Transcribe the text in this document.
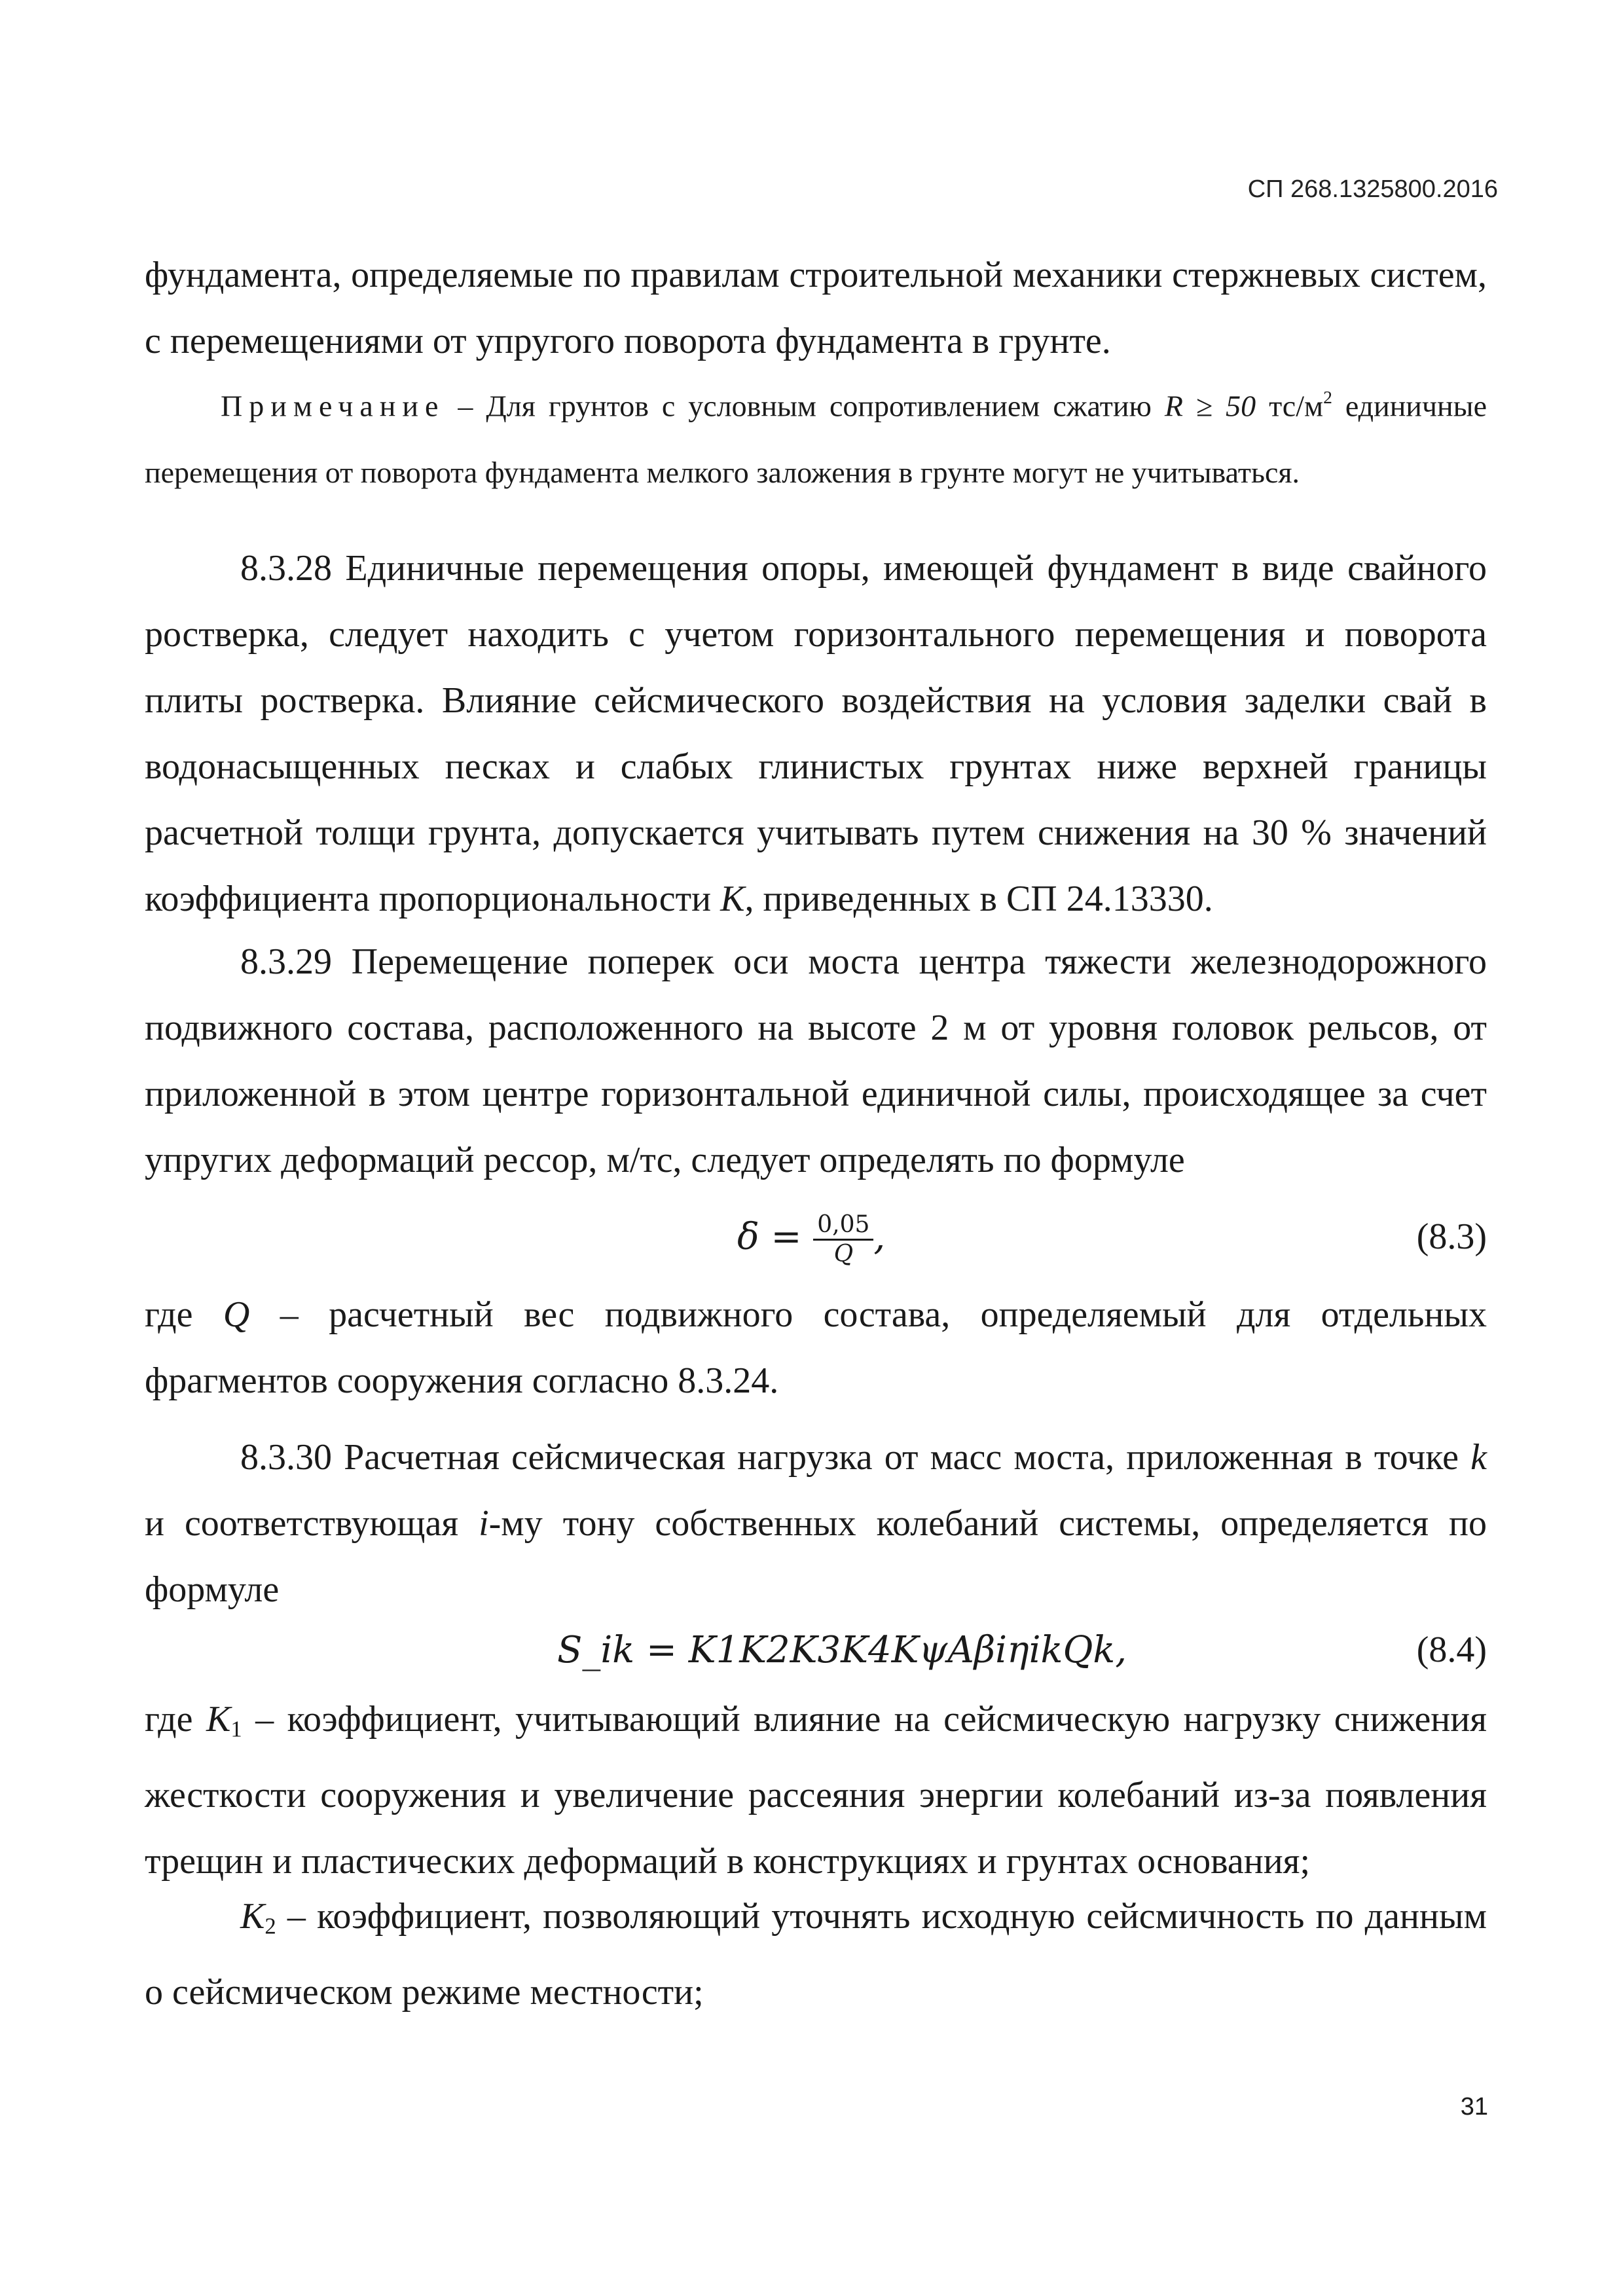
СП 268.1325800.2016

фундамента, определяемые по правилам строительной механики стержневых систем, с перемещениями от упругого поворота фундамента в грунте.

Примечание – Для грунтов с условным сопротивлением сжатию R ≥ 50 $тс/м^2$ единичные перемещения от поворота фундамента мелкого заложения в грунте могут не учитываться.

8.3.28 Единичные перемещения опоры, имеющей фундамент в виде свайного ростверка, следует находить с учетом горизонтального перемещения и поворота плиты ростверка. Влияние сейсмического воздействия на условия заделки свай в водонасыщенных песках и слабых глинистых грунтах ниже верхней границы расчетной толщи грунта, допускается учитывать путем снижения на 30 % значений коэффициента пропорциональности K, приведенных в СП 24.13330.

8.3.29 Перемещение поперек оси моста центра тяжести железнодорожного подвижного состава, расположенного на высоте 2 м от уровня головок рельсов, от приложенной в этом центре горизонтальной единичной силы, происходящее за счет упругих деформаций рессор, м/тс, следует определять по формуле

$\delta = \frac{0,05}{Q}$ ,	(8.3)

где Q – расчетный вес подвижного состава, определяемый для отдельных фрагментов сооружения согласно 8.3.24.

8.3.30 Расчетная сейсмическая нагрузка от масс моста, приложенная в точке k и соответствующая i-му тону собственных колебаний системы, определяется по формуле

S_ik = K1K2K3K4KψAβiηikQk,	(8.4)

где $K_1$ – коэффициент, учитывающий влияние на сейсмическую нагрузку снижения жесткости сооружения и увеличение рассеяния энергии колебаний из-за появления трещин и пластических деформаций в конструкциях и грунтах основания;

$K_2$ – коэффициент, позволяющий уточнять исходную сейсмичность по данным о сейсмическом режиме местности;

31
